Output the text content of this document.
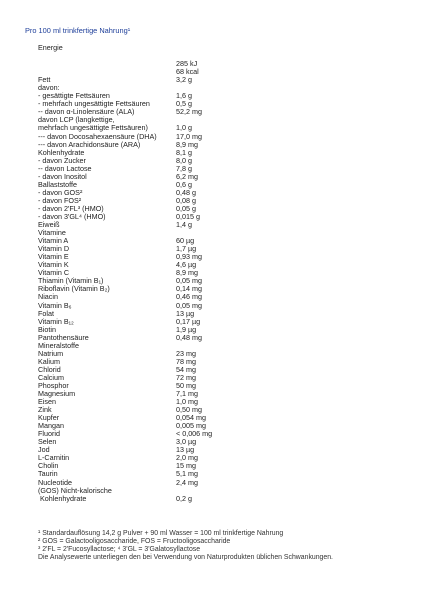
Pro 100 ml trinkfertige Nahrung¹
Energie
285 kJ
68 kcal
Fett	3,2 g
davon:
- gesättigte Fettsäuren	1,6 g
- mehrfach ungesättigte Fettsäuren	0,5 g
-- davon α-Linolensäure (ALA)	52,2 mg
davon LCP (langkettige,
mehrfach ungesättigte Fettsäuren)	1,0 g
--- davon Docosahexaensäure (DHA)	17,0 mg
--- davon Arachidonsäure (ARA)	8,9 mg
Kohlenhydrate	8,1 g
- davon Zucker	8,0 g
-- davon Lactose	7,8 g
- davon Inositol	6,2 mg
Ballaststoffe	0,6 g
- davon GOS²	0,48 g
- davon FOS²	0,08 g
- davon 2'FL³ (HMO)	0,05 g
- davon 3'GL⁴ (HMO)	0,015 g
Eiweiß	1,4 g
Vitamine
Vitamin A	60 µg
Vitamin D	1,7 µg
Vitamin E	0,93 mg
Vitamin K	4,6 µg
Vitamin C	8,9 mg
Thiamin (Vitamin B₁)	0,05 mg
Riboflavin (Vitamin B₂)	0,14 mg
Niacin	0,46 mg
Vitamin B₆	0,05 mg
Folat	13 µg
Vitamin B₁₂	0,17 µg
Biotin	1,9 µg
Pantothensäure	0,48 mg
Mineralstoffe
Natrium	23 mg
Kalium	78 mg
Chlorid	54 mg
Calcium	72 mg
Phosphor	50 mg
Magnesium	7,1 mg
Eisen	1,0 mg
Zink	0,50 mg
Kupfer	0,054 mg
Mangan	0,005 mg
Fluorid	< 0,006 mg
Selen	3,0 µg
Jod	13 µg
L-Carnitin	2,0 mg
Cholin	15 mg
Taurin	5,1 mg
Nucleotide	2,4 mg
(GOS) Nicht-kalorische
Kohlenhydrate	0,2 g
¹ Standardauflösung 14,2 g Pulver + 90 ml Wasser = 100 ml trinkfertige Nahrung
² GOS = Galactooligosaccharide, FOS = Fructooligosaccharide
³ 2'FL = 2'Fucosyllactose; ⁴ 3'GL = 3'Galatosyllactose
Die Analysewerte unterliegen den bei Verwendung von Naturprodukten üblichen Schwankungen.
